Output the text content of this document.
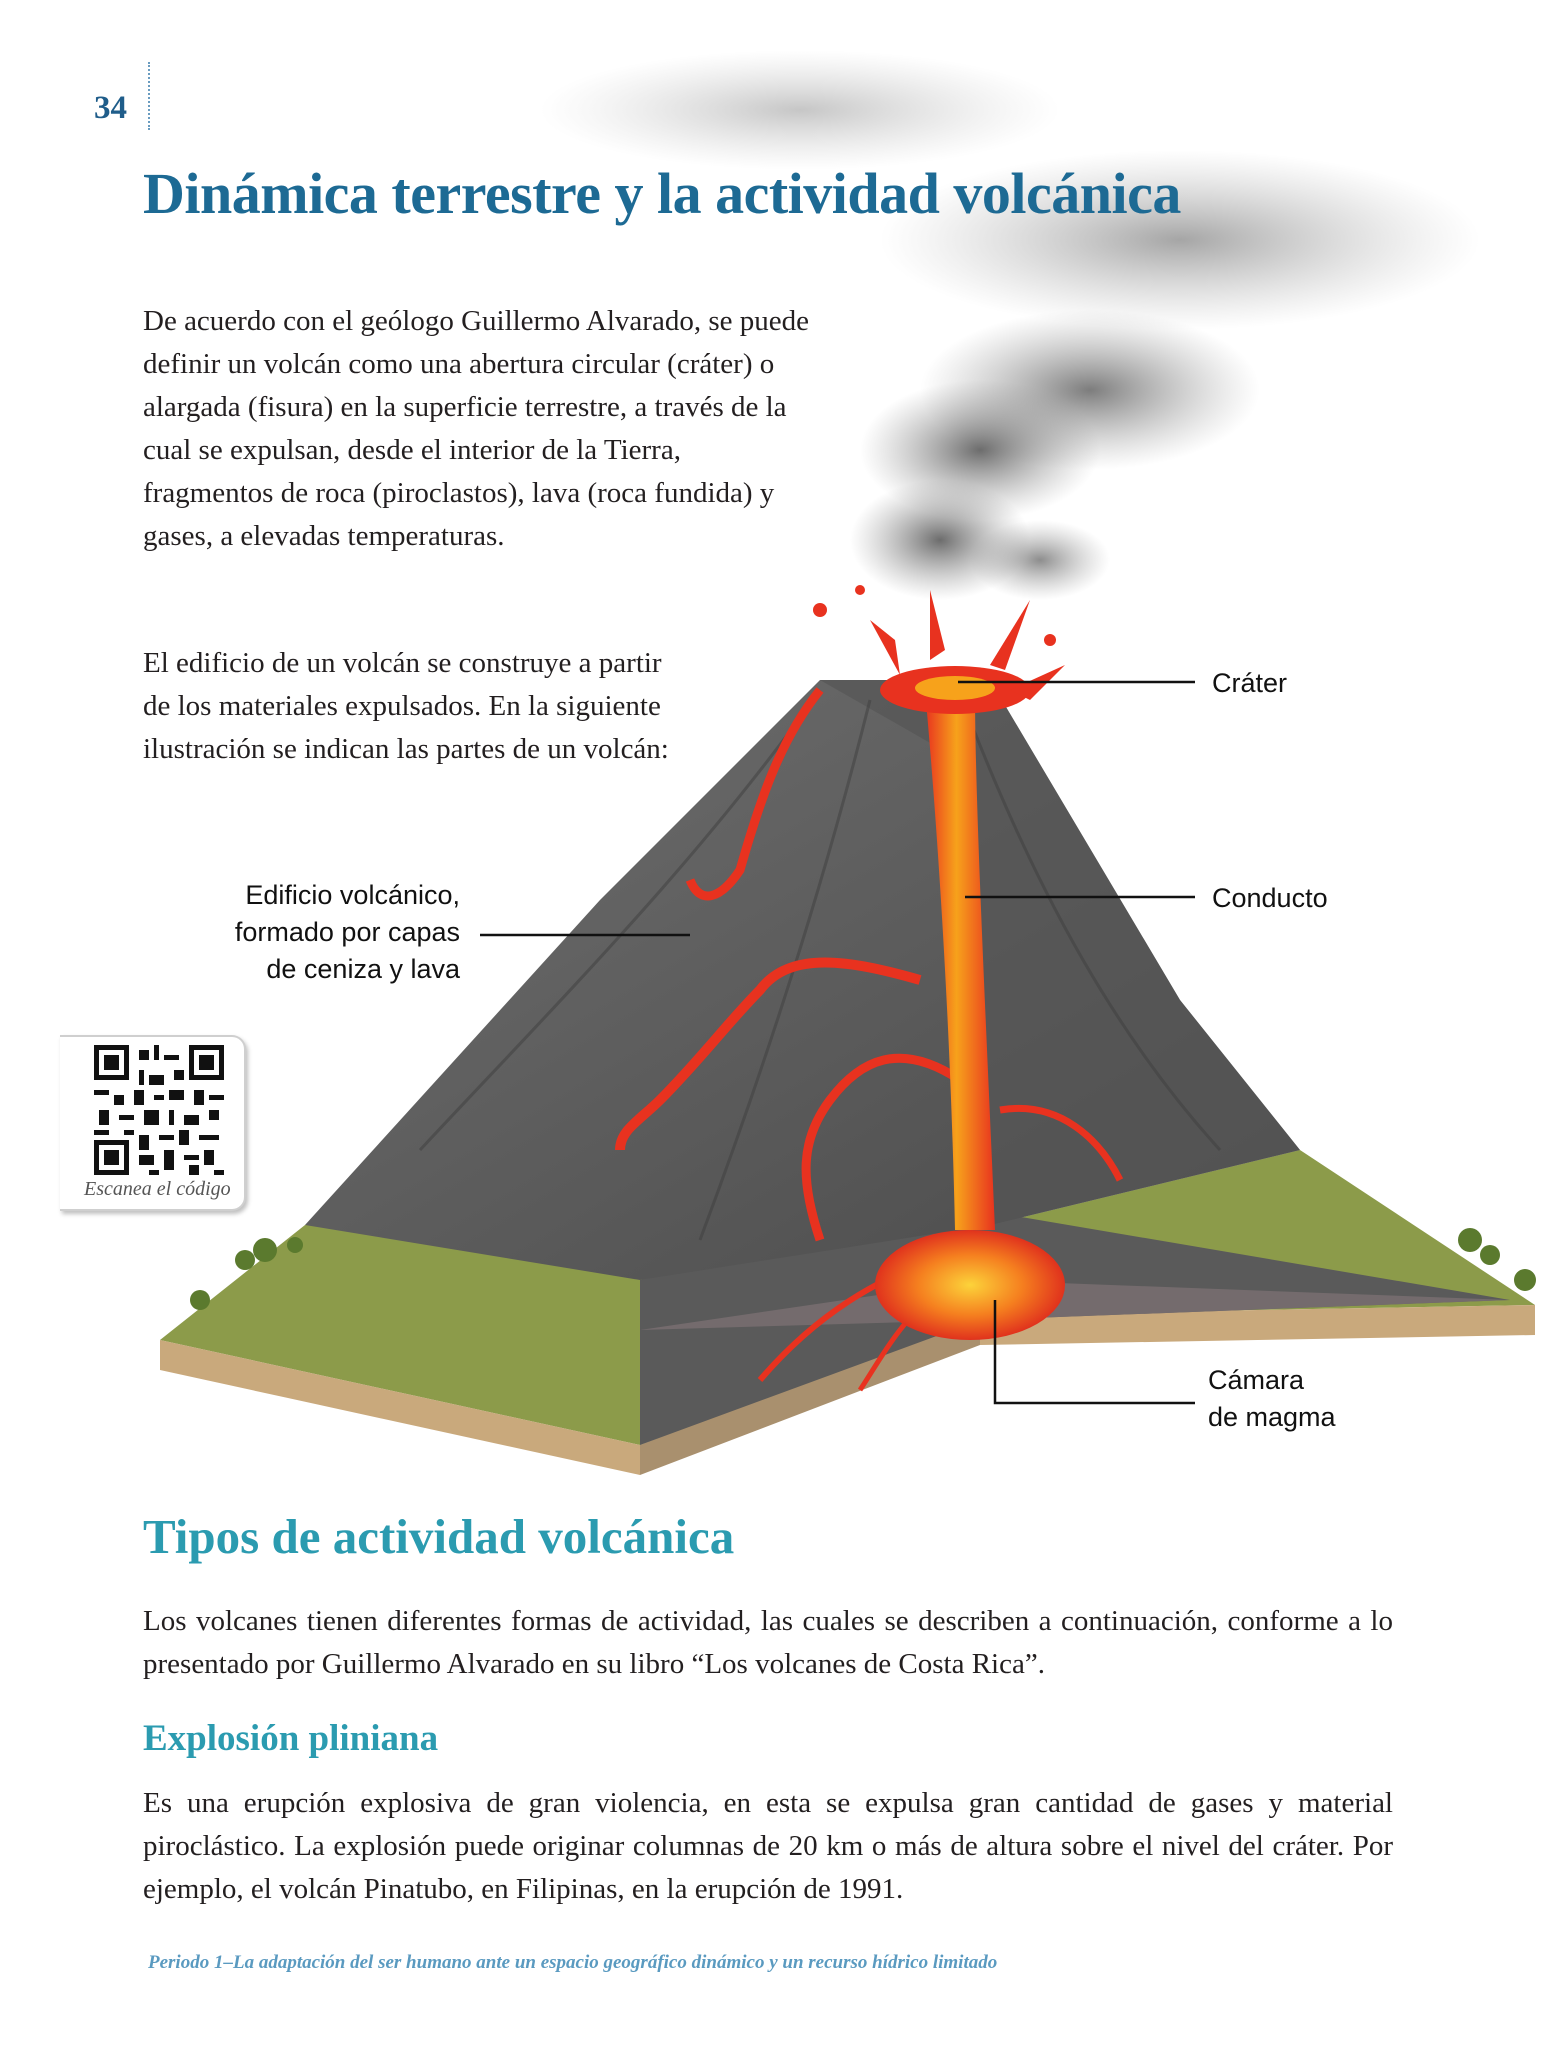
34
Dinámica terrestre y la actividad volcánica

De acuerdo con el geólogo Guillermo Alvarado, se puede definir un volcán como una abertura circular (cráter) o alargada (fisura) en la superficie terrestre, a través de la cual se expulsan, desde el interior de la Tierra, fragmentos de roca (piroclastos), lava (roca fundida) y gases, a elevadas temperaturas.

El edificio de un volcán se construye a partir de los materiales expulsados. En la siguiente ilustración se indican las partes de un volcán:

Edificio volcánico,
formado por capas
de ceniza y lava
Cráter
Conducto
Cámara
de magma
Escanea el código
Tipos de actividad volcánica

Los volcanes tienen diferentes formas de actividad, las cuales se describen a continuación, conforme a lo presentado por Guillermo Alvarado en su libro “Los volcanes de Costa Rica”.

Explosión pliniana

Es una erupción explosiva de gran violencia, en esta se expulsa gran cantidad de gases y material piroclástico. La explosión puede originar columnas de 20 km o más de altura sobre el nivel del cráter. Por ejemplo, el volcán Pinatubo, en Filipinas, en la erupción de 1991.

Periodo 1–La adaptación del ser humano ante un espacio geográfico dinámico y un recurso hídrico limitado
